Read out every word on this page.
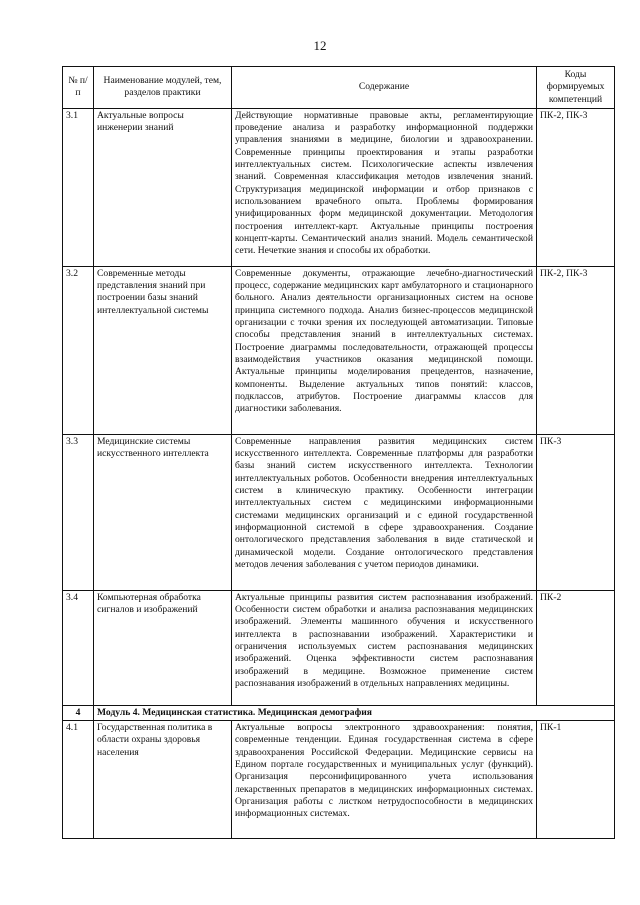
12
№ п/п	Наименование модулей, тем, разделов практики	Содержание	Коды формируемых компетенций
3.1	Актуальные вопросы инженерии знаний	Действующие нормативные правовые акты, регламентирующие проведение анализа и разработку информационной поддержки управления знаниями в медицине, биологии и здравоохранении. Современные принципы проектирования и этапы разработки интеллектуальных систем. Психологические аспекты извлечения знаний. Современная классификация методов извлечения знаний. Структуризация медицинской информации и отбор признаков с использованием врачебного опыта. Проблемы формирования унифицированных форм медицинской документации. Методология построения интеллект-карт. Актуальные принципы построения концепт-карты. Семантический анализ знаний. Модель семантической сети. Нечеткие знания и способы их обработки.	ПК-2, ПК-3
3.2	Современные методы представления знаний при построении базы знаний интеллектуальной системы	Современные документы, отражающие лечебно-диагностический процесс, содержание медицинских карт амбулаторного и стационарного больного. Анализ деятельности организационных систем на основе принципа системного подхода. Анализ бизнес-процессов медицинской организации с точки зрения их последующей автоматизации. Типовые способы представления знаний в интеллектуальных системах. Построение диаграммы последовательности, отражающей процессы взаимодействия участников оказания медицинской помощи. Актуальные принципы моделирования прецедентов, назначение, компоненты. Выделение актуальных типов понятий: классов, подклассов, атрибутов. Построение диаграммы классов для диагностики заболевания.	ПК-2, ПК-3
3.3	Медицинские системы искусственного интеллекта	Современные направления развития медицинских систем искусственного интеллекта. Современные платформы для разработки базы знаний систем искусственного интеллекта. Технологии интеллектуальных роботов. Особенности внедрения интеллектуальных систем в клиническую практику. Особенности интеграции интеллектуальных систем с медицинскими информационными системами медицинских организаций и с единой государственной информационной системой в сфере здравоохранения. Создание онтологического представления заболевания в виде статической и динамической модели. Создание онтологического представления методов лечения заболевания с учетом периодов динамики.	ПК-3
3.4	Компьютерная обработка сигналов и изображений	Актуальные принципы развития систем распознавания изображений. Особенности систем обработки и анализа распознавания медицинских изображений. Элементы машинного обучения и искусственного интеллекта в распознавании изображений. Характеристики и ограничения используемых систем распознавания медицинских изображений. Оценка эффективности систем распознавания изображений в медицине. Возможное применение систем распознавания изображений в отдельных направлениях медицины.	ПК-2
4	Модуль 4. Медицинская статистика. Медицинская демография		
4.1	Государственная политика в области охраны здоровья населения	Актуальные вопросы электронного здравоохранения: понятия, современные тенденции. Единая государственная система в сфере здравоохранения Российской Федерации. Медицинские сервисы на Едином портале государственных и муниципальных услуг (функций). Организация персонифицированного учета использования лекарственных препаратов в медицинских информационных системах. Организация работы с листком нетрудоспособности в медицинских информационных системах.	ПК-1
